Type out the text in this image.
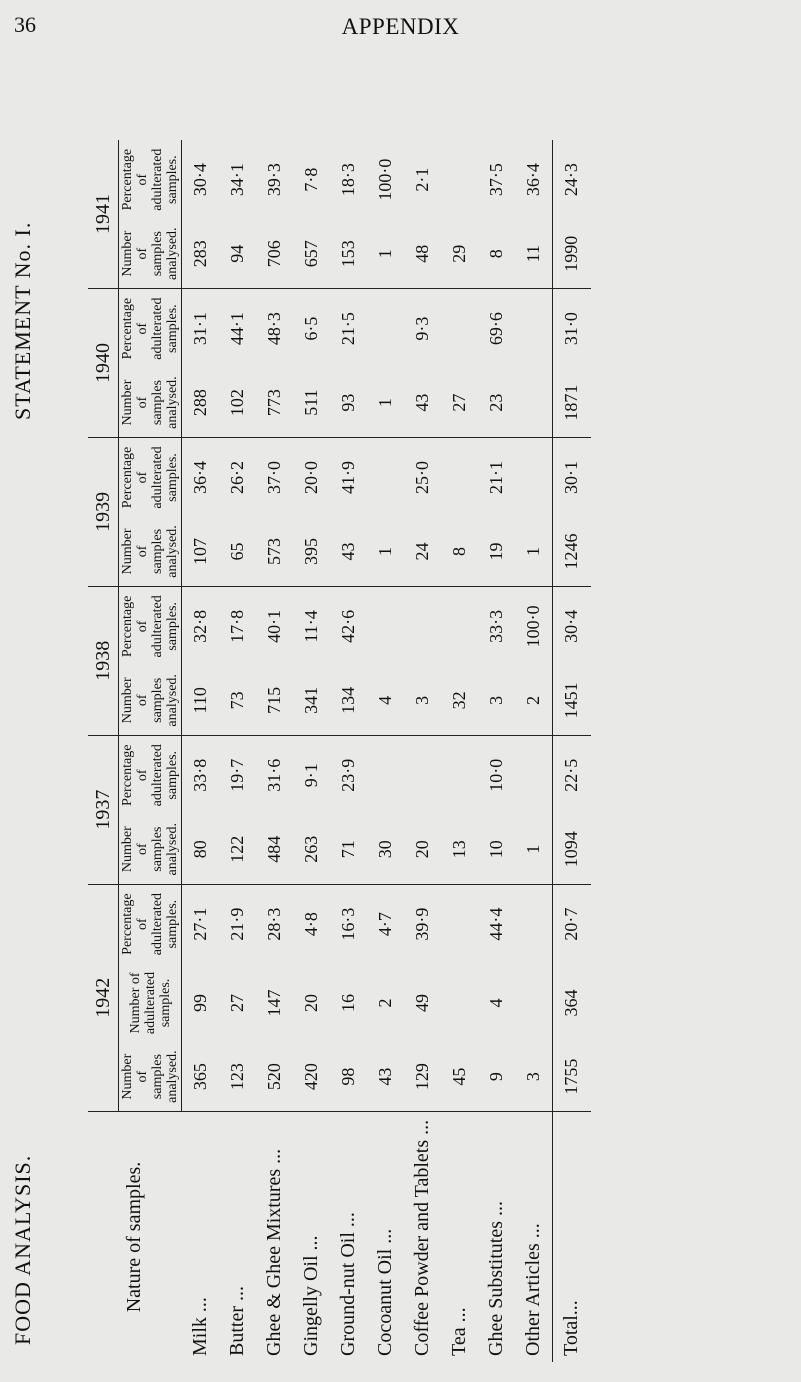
36	APPENDIX
STATEMENT No. I.
FOOD ANALYSIS.	Nature of samples.	1942			1937		1938		1939		1940		1941	
	Number of samples analysed.	Number of adulterated samples.	Percentage of adulterated samples.	Number of samples analysed.	Percentage of adulterated samples.	Number of samples analysed.	Percentage of adulterated samples.	Number of samples analysed.	Percentage of adulterated samples.	Number of samples analysed.	Percentage of adulterated samples.	Number of samples analysed.	Percentage of adulterated samples.
Milk ...	365	99	27·1	80	33·8	110	32·8	107	36·4	288	31·1	283	30·4
Butter ...	123	27	21·9	122	19·7	73	17·8	65	26·2	102	44·1	94	34·1
Ghee & Ghee Mixtures ...	520	147	28·3	484	31·6	715	40·1	573	37·0	773	48·3	706	39·3
Gingelly Oil ...	420	20	4·8	263	9·1	341	11·4	395	20·0	511	6·5	657	7·8
Ground-nut Oil ...	98	16	16·3	71	23·9	134	42·6	43	41·9	93	21·5	153	18·3
Cocoanut Oil ...	43	2	4·7	30		4		1		1		1	100·0
Coffee Powder and Tablets ...	129	49	39·9	20		3		24	25·0	43	9·3	48	2·1
Tea ...	45			13		32		8		27		29	
Ghee Substitutes ...	9	4	44·4	10	10·0	3	33·3	19	21·1	23	69·6	8	37·5
Other Articles ...	3			1		2	100·0	1				11	36·4
Total...	1755	364	20·7	1094	22·5	1451	30·4	1246	30·1	1871	31·0	1990	24·3
